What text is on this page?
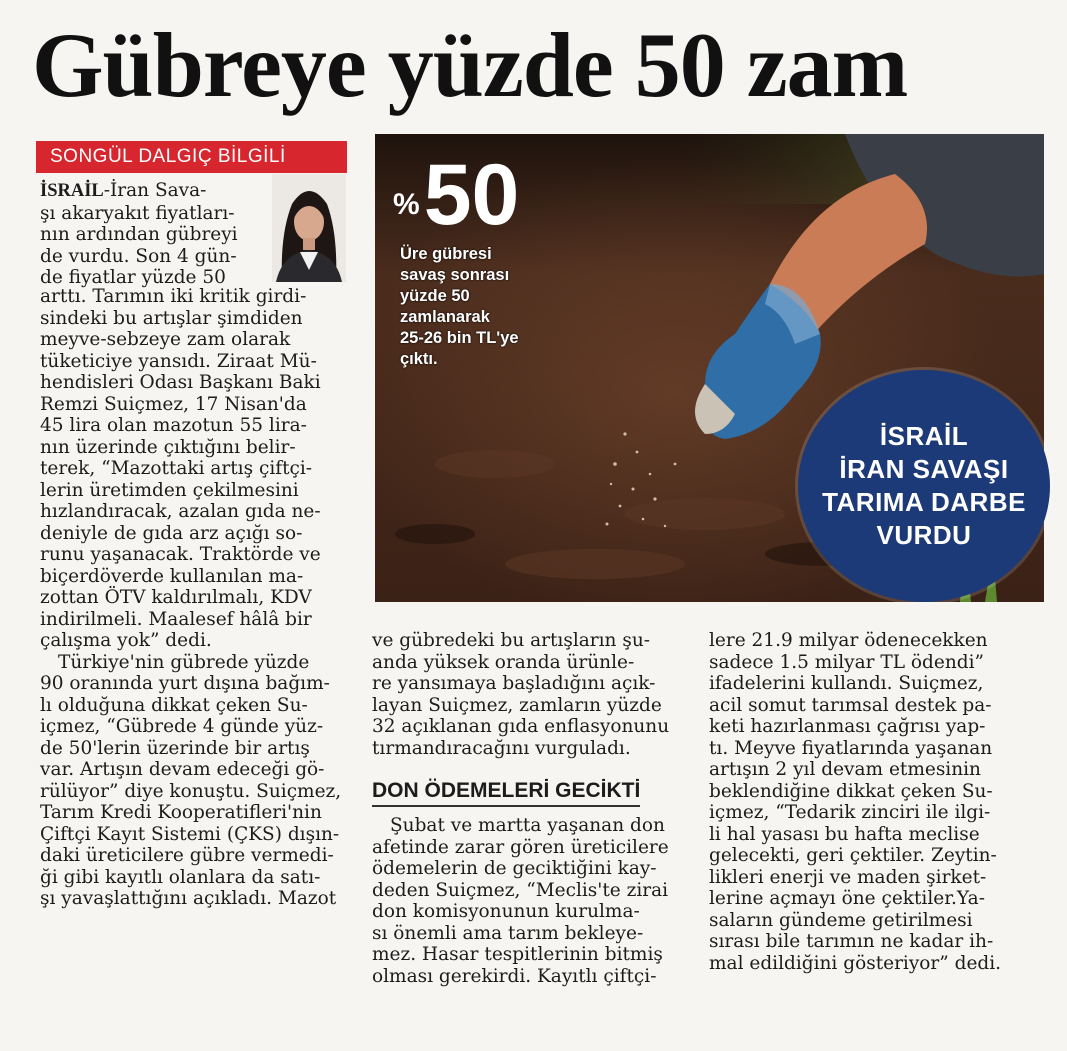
Gübreye yüzde 50 zam
SONGÜL DALGIÇ BİLGİLİ

İSRAİL-İran Sava-

şı akaryakıt fiyatları-

nın ardından gübreyi

de vurdu. Son 4 gün-

de fiyatlar yüzde 50

arttı. Tarımın iki kritik girdi-

sindeki bu artışlar şimdiden

meyve-sebzeye zam olarak

tüketiciye yansıdı. Ziraat Mü-

hendisleri Odası Başkanı Baki

Remzi Suiçmez, 17 Nisan'da

45 lira olan mazotun 55 lira-

nın üzerinde çıktığını belir-

terek, “Mazottaki artış çiftçi-

lerin üretimden çekilmesini

hızlandıracak, azalan gıda ne-

deniyle de gıda arz açığı so-

runu yaşanacak. Traktörde ve

biçerdöverde kullanılan ma-

zottan ÖTV kaldırılmalı, KDV

indirilmeli. Maalesef hâlâ bir

çalışma yok” dedi.

Türkiye'nin gübrede yüzde

90 oranında yurt dışına bağım-

lı olduğuna dikkat çeken Su-

içmez, “Gübrede 4 günde yüz-

de 50'lerin üzerinde bir artış

var. Artışın devam edeceği gö-

rülüyor” diye konuştu. Suiçmez,

Tarım Kredi Kooperatifleri'nin

Çiftçi Kayıt Sistemi (ÇKS) dışın-

daki üreticilere gübre vermedi-

ği gibi kayıtlı olanlara da satı-

şı yavaşlattığını açıkladı. Mazot

%50
Üre gübresi
savaş sonrası
yüzde 50
zamlanarak
25-26 bin TL'ye
çıktı.
İSRAİL
İRAN SAVAŞI
TARIMA DARBE
VURDU

ve gübredeki bu artışların şu-

anda yüksek oranda ürünle-

re yansımaya başladığını açık-

layan Suiçmez, zamların yüzde

32 açıklanan gıda enflasyonunu

tırmandıracağını vurguladı.

DON ÖDEMELERİ GECİKTİ

Şubat ve martta yaşanan don

afetinde zarar gören üreticilere

ödemelerin de geciktiğini kay-

deden Suiçmez, “Meclis'te zirai

don komisyonunun kurulma-

sı önemli ama tarım bekleye-

mez. Hasar tespitlerinin bitmiş

olması gerekirdi. Kayıtlı çiftçi-

lere 21.9 milyar ödenecekken

sadece 1.5 milyar TL ödendi”

ifadelerini kullandı. Suiçmez,

acil somut tarımsal destek pa-

keti hazırlanması çağrısı yap-

tı. Meyve fiyatlarında yaşanan

artışın 2 yıl devam etmesinin

beklendiğine dikkat çeken Su-

içmez, “Tedarik zinciri ile ilgi-

li hal yasası bu hafta meclise

gelecekti, geri çektiler. Zeytin-

likleri enerji ve maden şirket-

lerine açmayı öne çektiler.Ya-

saların gündeme getirilmesi

sırası bile tarımın ne kadar ih-

mal edildiğini gösteriyor” dedi.
